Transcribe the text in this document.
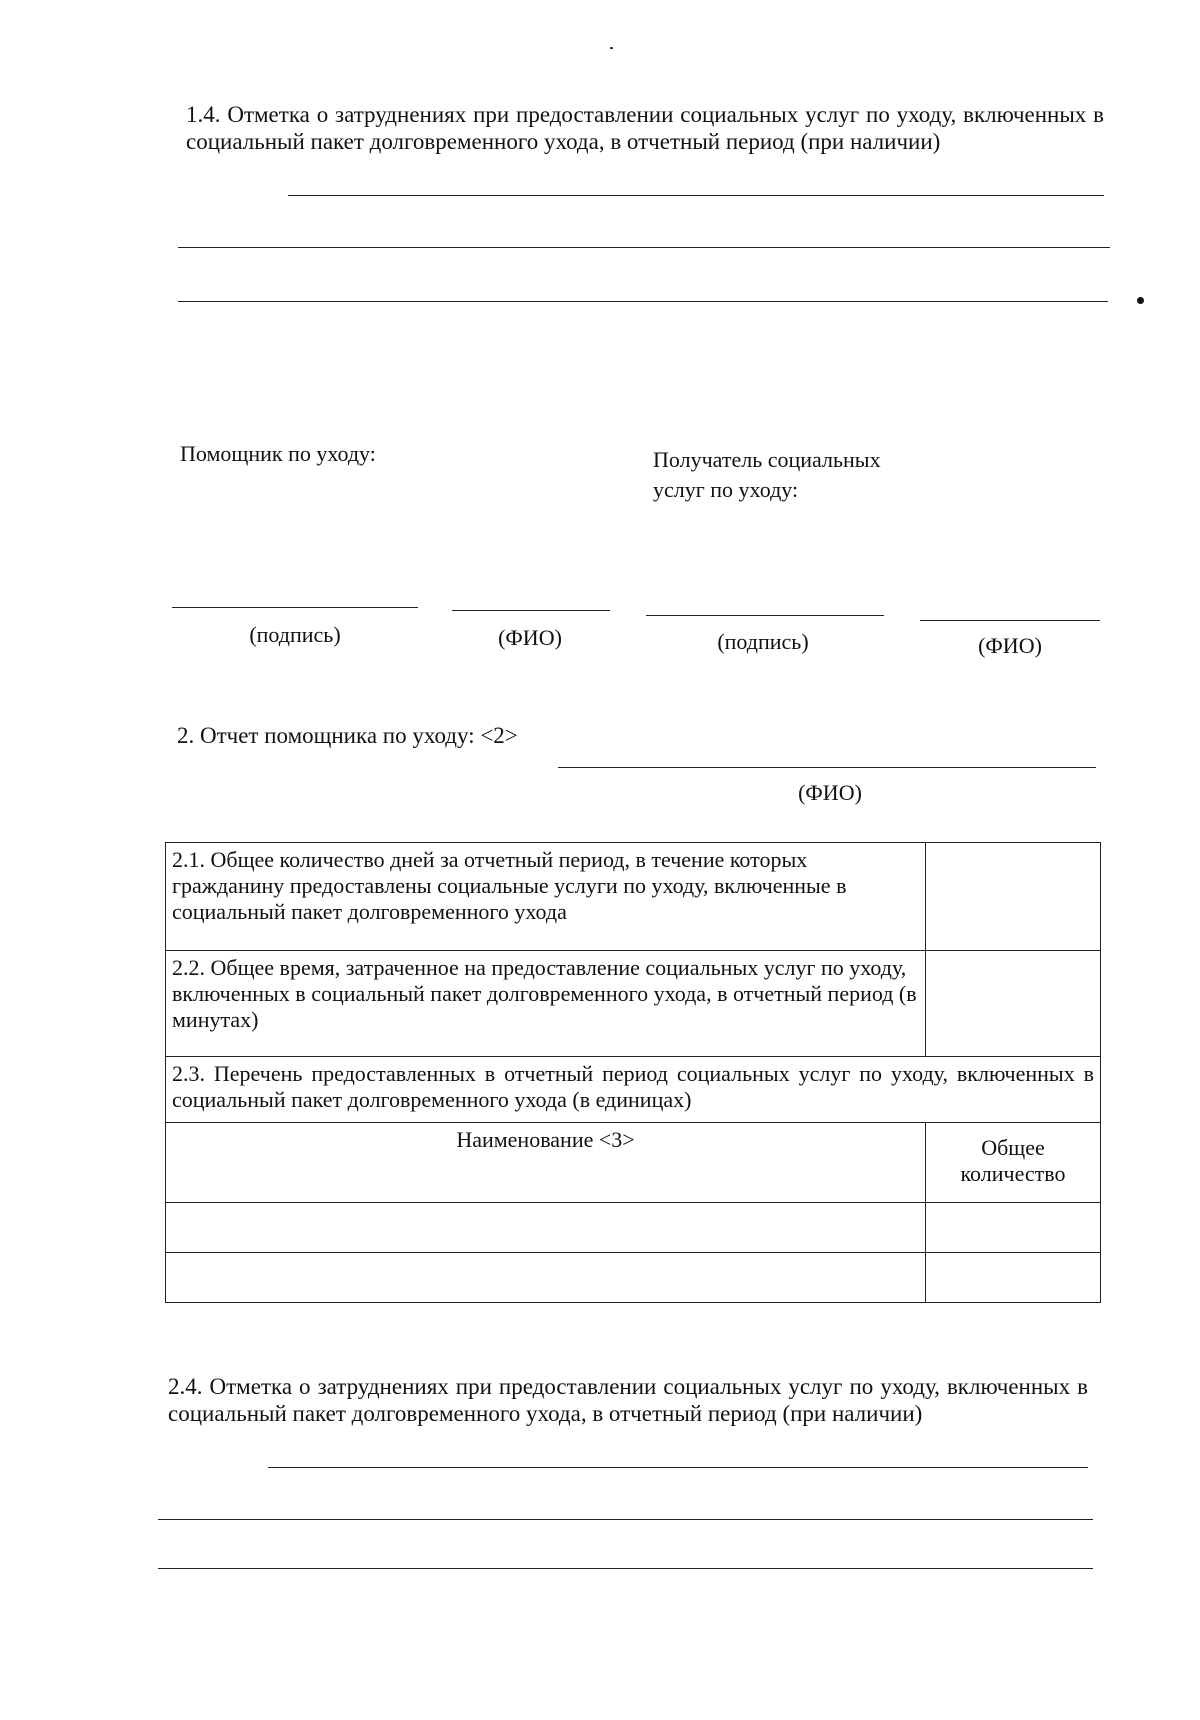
1.4. Отметка о затруднениях при предоставлении социальных услуг по уходу, включенных в социальный пакет долговременного ухода, в отчетный период (при наличии)
Помощник по уходу:	Получатель социальных услуг по уходу:
(подпись)	(ФИО)	(подпись)	(ФИО)
2. Отчет помощника по уходу: <2>
(ФИО)
2.1. Общее количество дней за отчетный период, в течение которых гражданину предоставлены социальные услуги по уходу, включенные в социальный пакет долговременного ухода	
2.2. Общее время, затраченное на предоставление социальных услуг по уходу, включенных в социальный пакет долговременного ухода, в отчетный период (в минутах)	
2.3. Перечень предоставленных в отчетный период социальных услуг по уходу, включенных в социальный пакет долговременного ухода (в единицах)	
Наименование <3>	Общее количество

2.4. Отметка о затруднениях при предоставлении социальных услуг по уходу, включенных в социальный пакет долговременного ухода, в отчетный период (при наличии)
